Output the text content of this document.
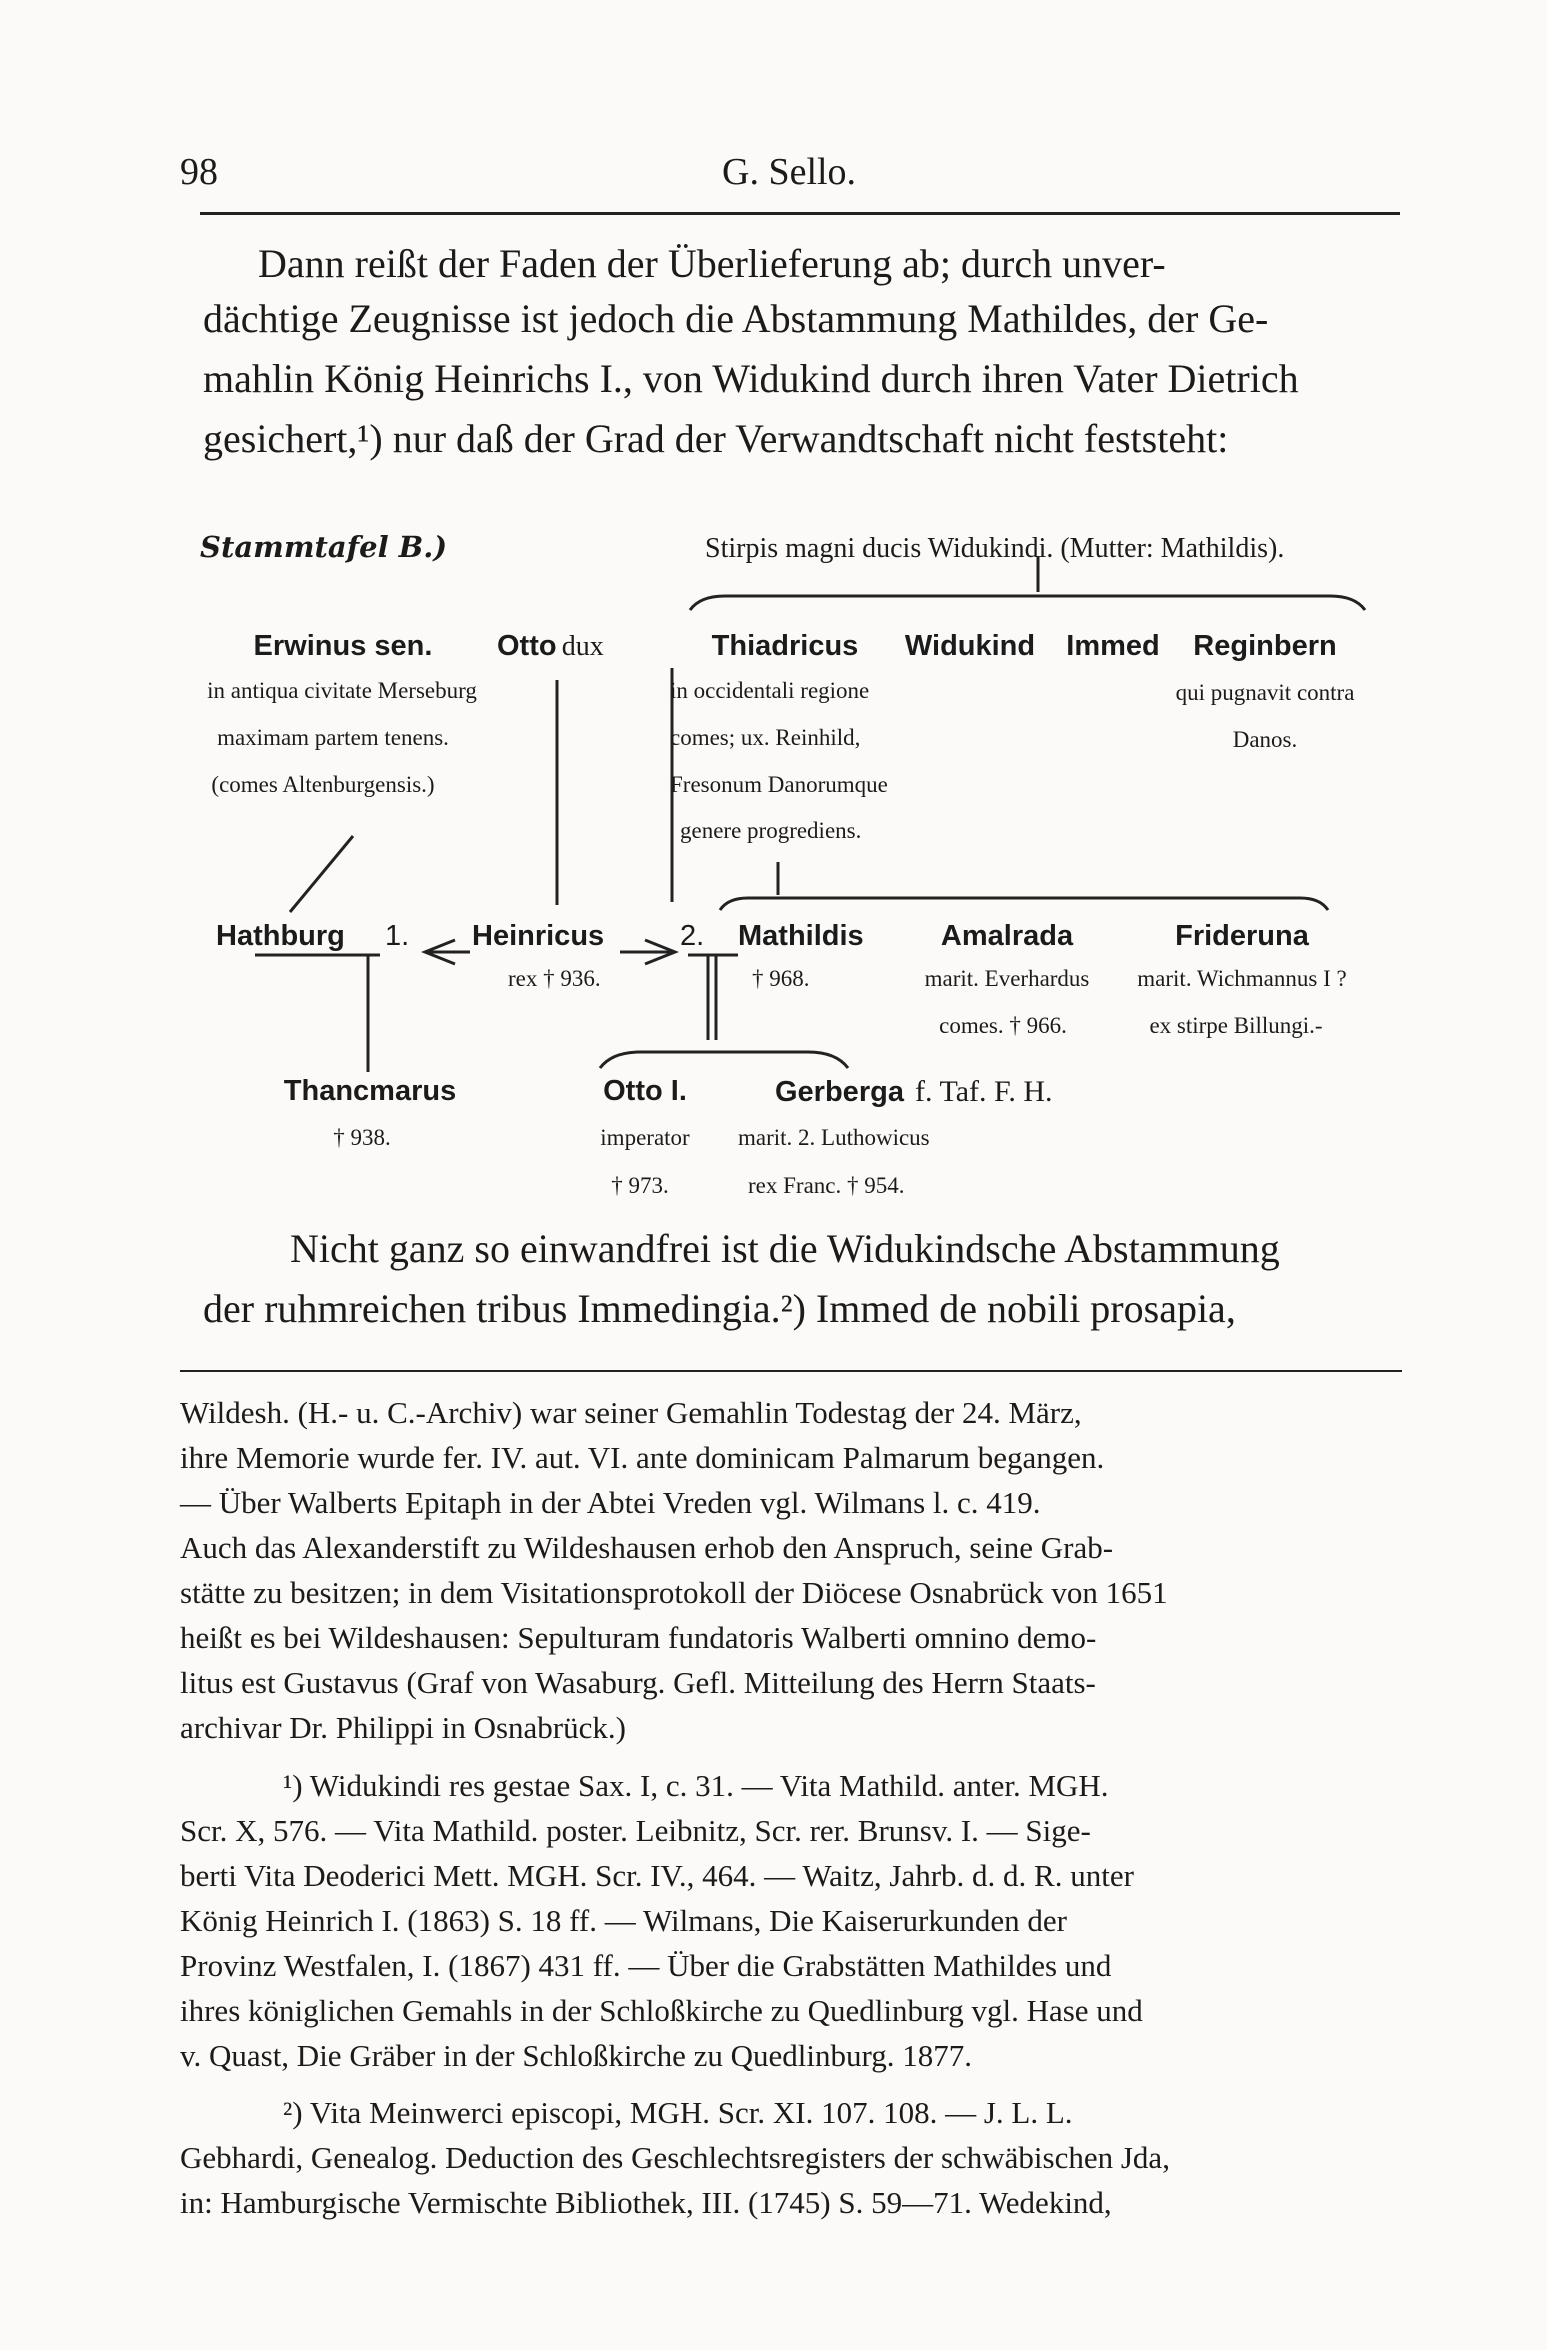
98	G. Sello.
Dann reißt der Faden der Überlieferung ab; durch unver-
dächtige Zeugnisse ist jedoch die Abstammung Mathildes, der Ge-
mahlin König Heinrichs I., von Widukind durch ihren Vater Dietrich
gesichert,¹) nur daß der Grad der Verwandtschaft nicht feststeht:
Stammtafel B.)	Stirpis magni ducis Widukindi. (Mutter: Mathildis).
Erwinus sen.
in antiqua civitate Merseburg
maximam partem tenens.
(comes Altenburgensis.)
Otto dux	Thiadricus
in occidentali regione
comes; ux. Reinhild,
Fresonum Danorumque
genere progrediens.
Widukind Immed Reginbern
qui pugnavit contra
Danos.
Hathburg 1. Heinricus
rex † 936.
2. Mathildis
† 968.
Amalrada
marit. Everhardus
comes. † 966.
Frideruna
marit. Wichmannus I ?
ex stirpe Billungi.-
Thancmarus
† 938.
Otto I.
imperator
† 973.
Gerberga f. Taf. F. H.
marit. 2. Luthowicus
rex Franc. † 954.
Nicht ganz so einwandfrei ist die Widukindsche Abstammung
der ruhmreichen tribus Immedingia.²) Immed de nobili prosapia,
Wildesh. (H.- u. C.-Archiv) war seiner Gemahlin Todestag der 24. März,
ihre Memorie wurde fer. IV. aut. VI. ante dominicam Palmarum begangen.
— Über Walberts Epitaph in der Abtei Vreden vgl. Wilmans l. c. 419.
Auch das Alexanderstift zu Wildeshausen erhob den Anspruch, seine Grab-
stätte zu besitzen; in dem Visitationsprotokoll der Diöcese Osnabrück von 1651
heißt es bei Wildeshausen: Sepulturam fundatoris Walberti omnino demo-
litus est Gustavus (Graf von Wasaburg. Gefl. Mitteilung des Herrn Staats-
archivar Dr. Philippi in Osnabrück.)
¹) Widukindi res gestae Sax. I, c. 31. — Vita Mathild. anter. MGH.
Scr. X, 576. — Vita Mathild. poster. Leibnitz, Scr. rer. Brunsv. I. — Sige-
berti Vita Deoderici Mett. MGH. Scr. IV., 464. — Waitz, Jahrb. d. d. R. unter
König Heinrich I. (1863) S. 18 ff. — Wilmans, Die Kaiserurkunden der
Provinz Westfalen, I. (1867) 431 ff. — Über die Grabstätten Mathildes und
ihres königlichen Gemahls in der Schloßkirche zu Quedlinburg vgl. Hase und
v. Quast, Die Gräber in der Schloßkirche zu Quedlinburg. 1877.
²) Vita Meinwerci episcopi, MGH. Scr. XI. 107. 108. — J. L. L.
Gebhardi, Genealog. Deduction des Geschlechtsregisters der schwäbischen Jda,
in: Hamburgische Vermischte Bibliothek, III. (1745) S. 59—71. Wedekind,
